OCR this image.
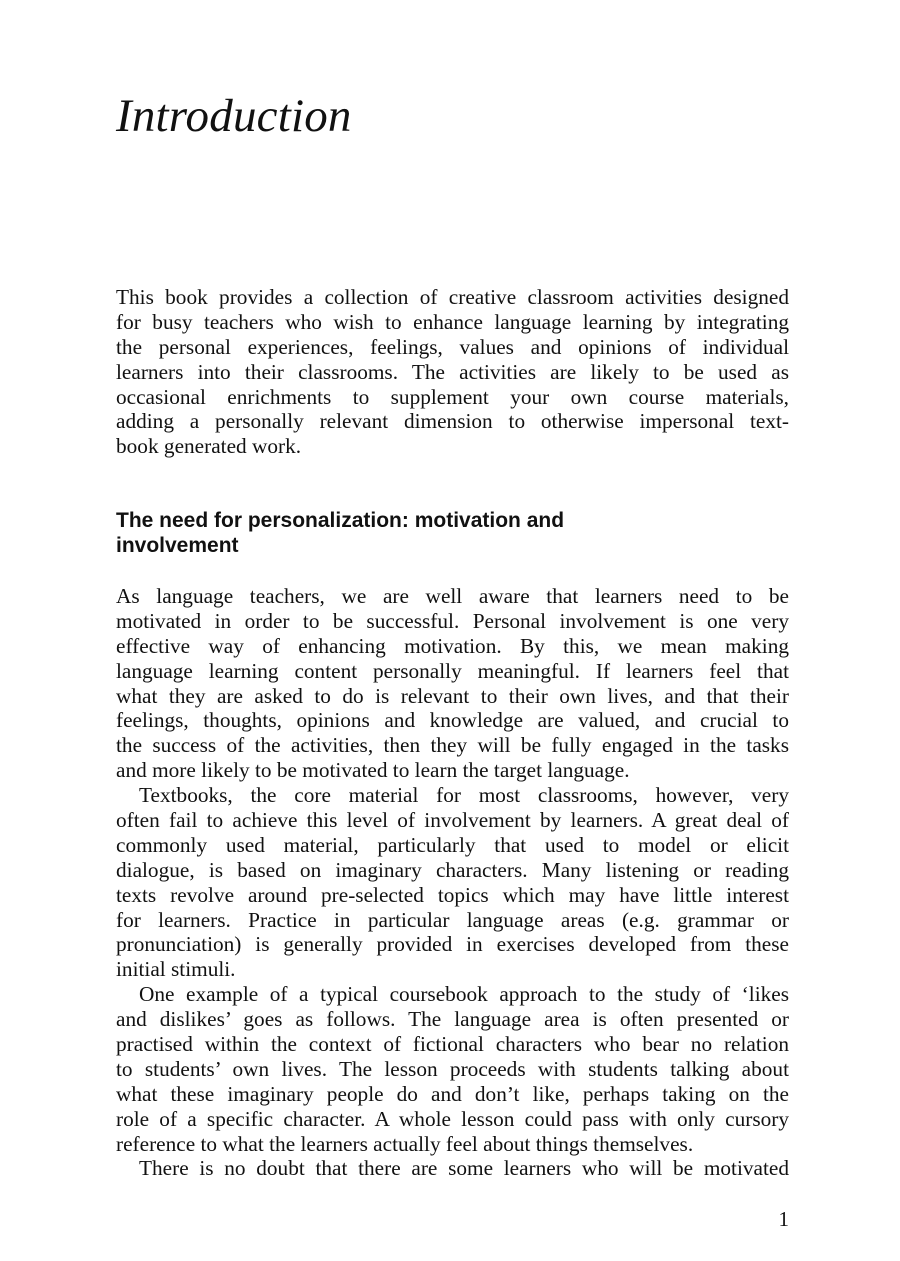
Introduction
This book provides a collection of creative classroom activities designed
for busy teachers who wish to enhance language learning by integrating
the personal experiences, feelings, values and opinions of individual
learners into their classrooms. The activities are likely to be used as
occasional enrichments to supplement your own course materials,
adding a personally relevant dimension to otherwise impersonal text-
book generated work.
The need for personalization: motivation and
involvement
As language teachers, we are well aware that learners need to be
motivated in order to be successful. Personal involvement is one very
effective way of enhancing motivation. By this, we mean making
language learning content personally meaningful. If learners feel that
what they are asked to do is relevant to their own lives, and that their
feelings, thoughts, opinions and knowledge are valued, and crucial to
the success of the activities, then they will be fully engaged in the tasks
and more likely to be motivated to learn the target language.
Textbooks, the core material for most classrooms, however, very
often fail to achieve this level of involvement by learners. A great deal of
commonly used material, particularly that used to model or elicit
dialogue, is based on imaginary characters. Many listening or reading
texts revolve around pre-selected topics which may have little interest
for learners. Practice in particular language areas (e.g. grammar or
pronunciation) is generally provided in exercises developed from these
initial stimuli.
One example of a typical coursebook approach to the study of ‘likes
and dislikes’ goes as follows. The language area is often presented or
practised within the context of fictional characters who bear no relation
to students’ own lives. The lesson proceeds with students talking about
what these imaginary people do and don’t like, perhaps taking on the
role of a specific character. A whole lesson could pass with only cursory
reference to what the learners actually feel about things themselves.
There is no doubt that there are some learners who will be motivated
1
